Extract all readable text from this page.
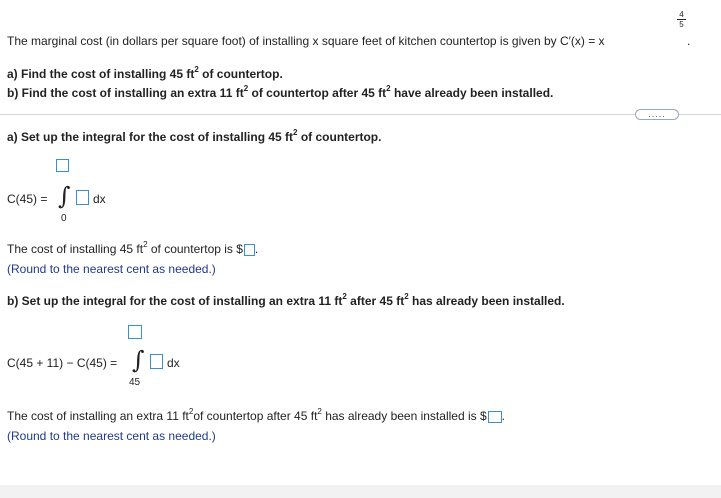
The marginal cost (in dollars per square foot) of installing x square feet of kitchen countertop is given by C′(x) = x
4
5
.
a) Find the cost of installing 45 $ft^2$ of countertop.
b) Find the cost of installing an extra 11 $ft^2$ of countertop after 45 $ft^2$ have already been installed.
.....
a) Set up the integral for the cost of installing 45 $ft^2$ of countertop.
C(45) = ∫ dx
0
The cost of installing 45 $ft^2$ of countertop is $ .
(Round to the nearest cent as needed.)
b) Set up the integral for the cost of installing an extra 11 $ft^2$ after 45 $ft^2$ has already been installed.
C(45 + 11) − C(45) = ∫ dx
45
The cost of installing an extra 11 $ft^2of$ countertop after 45 $ft^2$ has already been installed is $ .
(Round to the nearest cent as needed.)
